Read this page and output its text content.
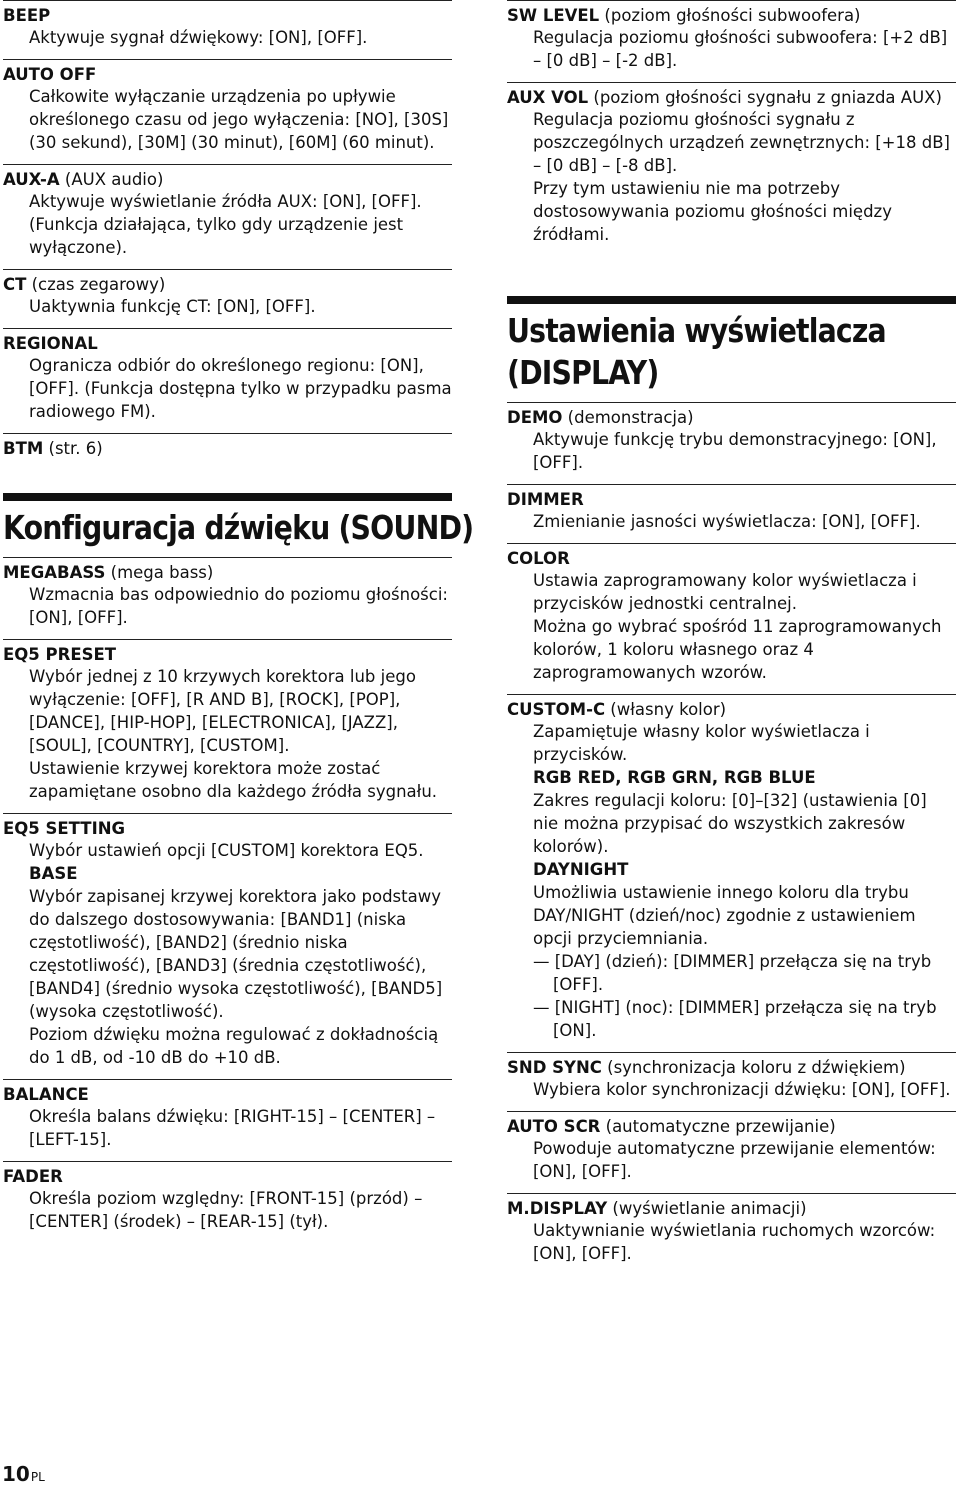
BEEP

Aktywuje sygnał dźwiękowy: [ON], [OFF].

AUTO OFF

Całkowite wyłączanie urządzenia po upływie określonego czasu od jego wyłączenia: [NO], [30S] (30 sekund), [30M] (30 minut), [60M] (60 minut).

AUX-A (AUX audio)

Aktywuje wyświetlanie źródła AUX: [ON], [OFF]. (Funkcja działająca, tylko gdy urządzenie jest wyłączone).

CT (czas zegarowy)

Uaktywnia funkcję CT: [ON], [OFF].

REGIONAL

Ogranicza odbiór do określonego regionu: [ON], [OFF]. (Funkcja dostępna tylko w przypadku pasma radiowego FM).

BTM (str. 6)
Konfiguracja dźwięku (SOUND)
MEGABASS (mega bass)

Wzmacnia bas odpowiednio do poziomu głośności: [ON], [OFF].

EQ5 PRESET

Wybór jednej z 10 krzywych korektora lub jego wyłączenie: [OFF], [R AND B], [ROCK], [POP], [DANCE], [HIP-HOP], [ELECTRONICA], [JAZZ], [SOUL], [COUNTRY], [CUSTOM].

Ustawienie krzywej korektora może zostać zapamiętane osobno dla każdego źródła sygnału.

EQ5 SETTING

Wybór ustawień opcji [CUSTOM] korektora EQ5.

BASE

Wybór zapisanej krzywej korektora jako podstawy do dalszego dostosowywania: [BAND1] (niska częstotliwość), [BAND2] (średnio niska częstotliwość), [BAND3] (średnia częstotliwość), [BAND4] (średnio wysoka częstotliwość), [BAND5] (wysoka częstotliwość).

Poziom dźwięku można regulować z dokładnością do 1 dB, od -10 dB do +10 dB.

BALANCE

Określa balans dźwięku: [RIGHT-15] – [CENTER] – [LEFT-15].

FADER

Określa poziom względny: [FRONT-15] (przód) – [CENTER] (środek) – [REAR-15] (tył).

SW LEVEL (poziom głośności subwoofera)

Regulacja poziomu głośności subwoofera: [+2 dB] – [0 dB] – [-2 dB].

AUX VOL (poziom głośności sygnału z gniazda AUX)

Regulacja poziomu głośności sygnału z poszczególnych urządzeń zewnętrznych: [+18 dB] – [0 dB] – [-8 dB].

Przy tym ustawieniu nie ma potrzeby dostosowywania poziomu głośności między źródłami.

Ustawienia wyświetlacza (DISPLAY)
DEMO (demonstracja)

Aktywuje funkcję trybu demonstracyjnego: [ON], [OFF].

DIMMER

Zmienianie jasności wyświetlacza: [ON], [OFF].

COLOR

Ustawia zaprogramowany kolor wyświetlacza i przycisków jednostki centralnej.

Można go wybrać spośród 11 zaprogramowanych kolorów, 1 koloru własnego oraz 4 zaprogramowanych wzorów.

CUSTOM-C (własny kolor)

Zapamiętuje własny kolor wyświetlacza i przycisków.

RGB RED, RGB GRN, RGB BLUE

Zakres regulacji koloru: [0]–[32] (ustawienia [0] nie można przypisać do wszystkich zakresów kolorów).

DAYNIGHT

Umożliwia ustawienie innego koloru dla trybu DAY/NIGHT (dzień/noc) zgodnie z ustawieniem opcji przyciemniania.

— [DAY] (dzień): [DIMMER] przełącza się na tryb [OFF].

— [NIGHT] (noc): [DIMMER] przełącza się na tryb [ON].

SND SYNC (synchronizacja koloru z dźwiękiem)

Wybiera kolor synchronizacji dźwięku: [ON], [OFF].

AUTO SCR (automatyczne przewijanie)

Powoduje automatyczne przewijanie elementów: [ON], [OFF].

M.DISPLAY (wyświetlanie animacji)

Uaktywnianie wyświetlania ruchomych wzorców: [ON], [OFF].

10PL
